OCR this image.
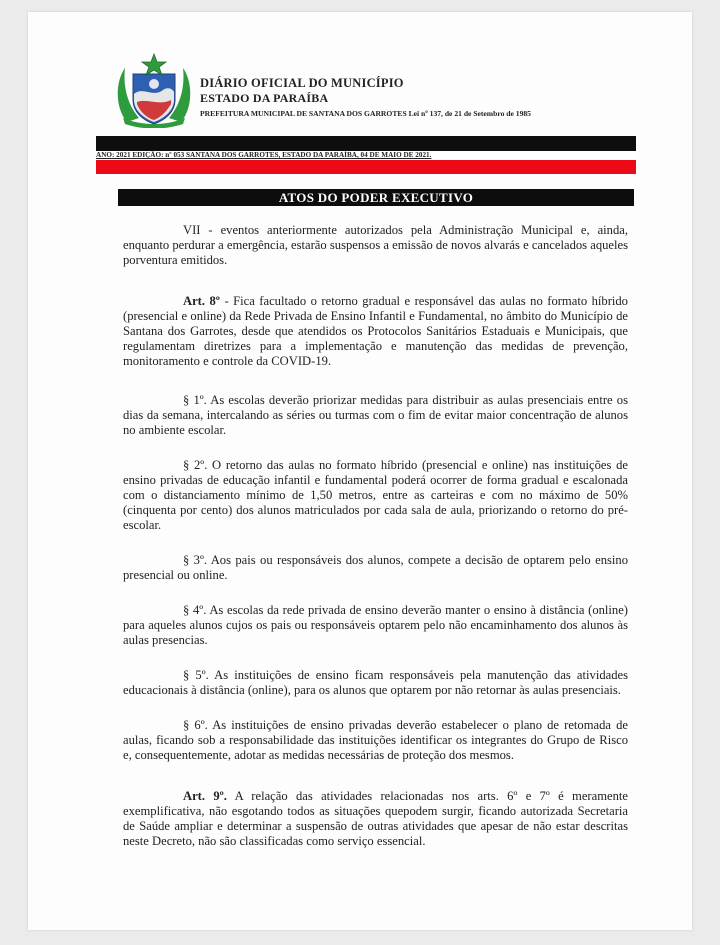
DIÁRIO OFICIAL DO MUNICÍPIO
ESTADO DA PARAÍBA
PREFEITURA MUNICIPAL DE SANTANA DOS GARROTES Lei nº 137, de 21 de Setembro de 1985
ANO: 2021 EDIÇÃO: nº 053 SANTANA DOS GARROTES, ESTADO DA PARAÍBA, 04 DE MAIO DE 2021.
ATOS DO PODER EXECUTIVO

VII - eventos anteriormente autorizados pela Administração Municipal e, ainda, enquanto perdurar a emergência, estarão suspensos a emissão de novos alvarás e cancelados aqueles porventura emitidos.

Art. 8º - Fica facultado o retorno gradual e responsável das aulas no formato híbrido (presencial e online) da Rede Privada de Ensino Infantil e Fundamental, no âmbito do Município de Santana dos Garrotes, desde que atendidos os Protocolos Sanitários Estaduais e Municipais, que regulamentam diretrizes para a implementação e manutenção das medidas de prevenção, monitoramento e controle da COVID-19.

§ 1º. As escolas deverão priorizar medidas para distribuir as aulas presenciais entre os dias da semana, intercalando as séries ou turmas com o fim de evitar maior concentração de alunos no ambiente escolar.

§ 2º. O retorno das aulas no formato híbrido (presencial e online) nas instituições de ensino privadas de educação infantil e fundamental poderá ocorrer de forma gradual e escalonada com o distanciamento mínimo de 1,50 metros, entre as carteiras e com no máximo de 50% (cinquenta por cento) dos alunos matriculados por cada sala de aula, priorizando o retorno do pré-escolar.

§ 3º. Aos pais ou responsáveis dos alunos, compete a decisão de optarem pelo ensino presencial ou online.

§ 4º. As escolas da rede privada de ensino deverão manter o ensino à distância (online) para aqueles alunos cujos os pais ou responsáveis optarem pelo não encaminhamento dos alunos às aulas presencias.

§ 5º. As instituições de ensino ficam responsáveis pela manutenção das atividades educacionais à distância (online), para os alunos que optarem por não retornar às aulas presenciais.

§ 6º. As instituições de ensino privadas deverão estabelecer o plano de retomada de aulas, ficando sob a responsabilidade das instituições identificar os integrantes do Grupo de Risco e, consequentemente, adotar as medidas necessárias de proteção dos mesmos.

Art. 9º. A relação das atividades relacionadas nos arts. 6º e 7º é meramente exemplificativa, não esgotando todos as situações quepodem surgir, ficando autorizada Secretaria de Saúde ampliar e determinar a suspensão de outras atividades que apesar de não estar descritas neste Decreto, não são classificadas como serviço essencial.
